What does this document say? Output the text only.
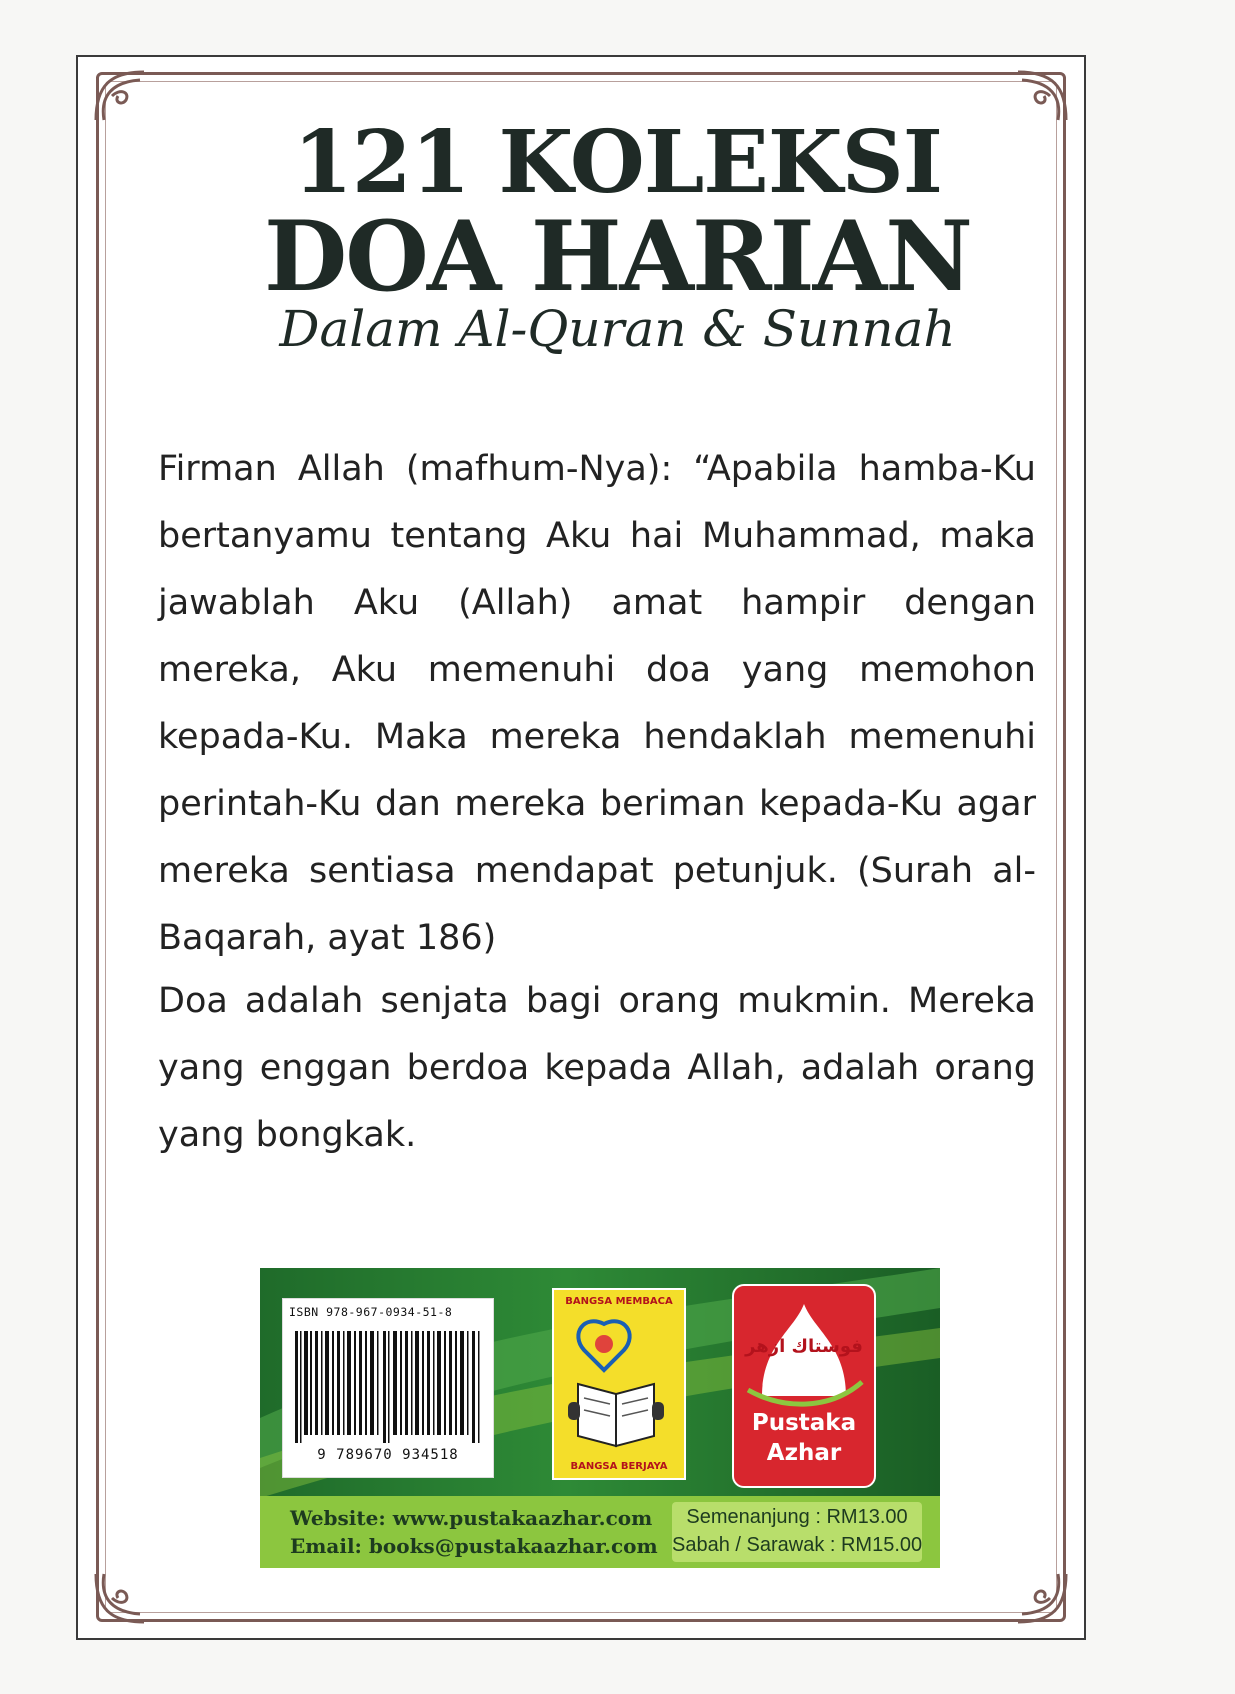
121 KOLEKSI
DOA HARIAN

Dalam Al-Quran & Sunnah

Firman Allah (mafhum-Nya): “Apabila hamba-Ku bertanyamu tentang Aku hai Muhammad, maka jawablah Aku (Allah) amat hampir dengan mereka, Aku memenuhi doa yang memohon kepada-Ku. Maka mereka hendaklah memenuhi perintah-Ku dan mereka beriman kepada-Ku agar mereka sentiasa mendapat petunjuk. (Surah al-Baqarah, ayat 186)

Doa adalah senjata bagi orang mukmin. Mereka yang enggan berdoa kepada Allah, adalah orang yang bongkak.

ISBN 978-967-0934-51-8
9 789670 934518
BANGSA MEMBACA
BANGSA BERJAYA
فوستاك ازهر
Pustaka
Azhar
Website: www.pustakaazhar.com
Email: books@pustakaazhar.com
Semenanjung : RM13.00
Sabah / Sarawak : RM15.00
